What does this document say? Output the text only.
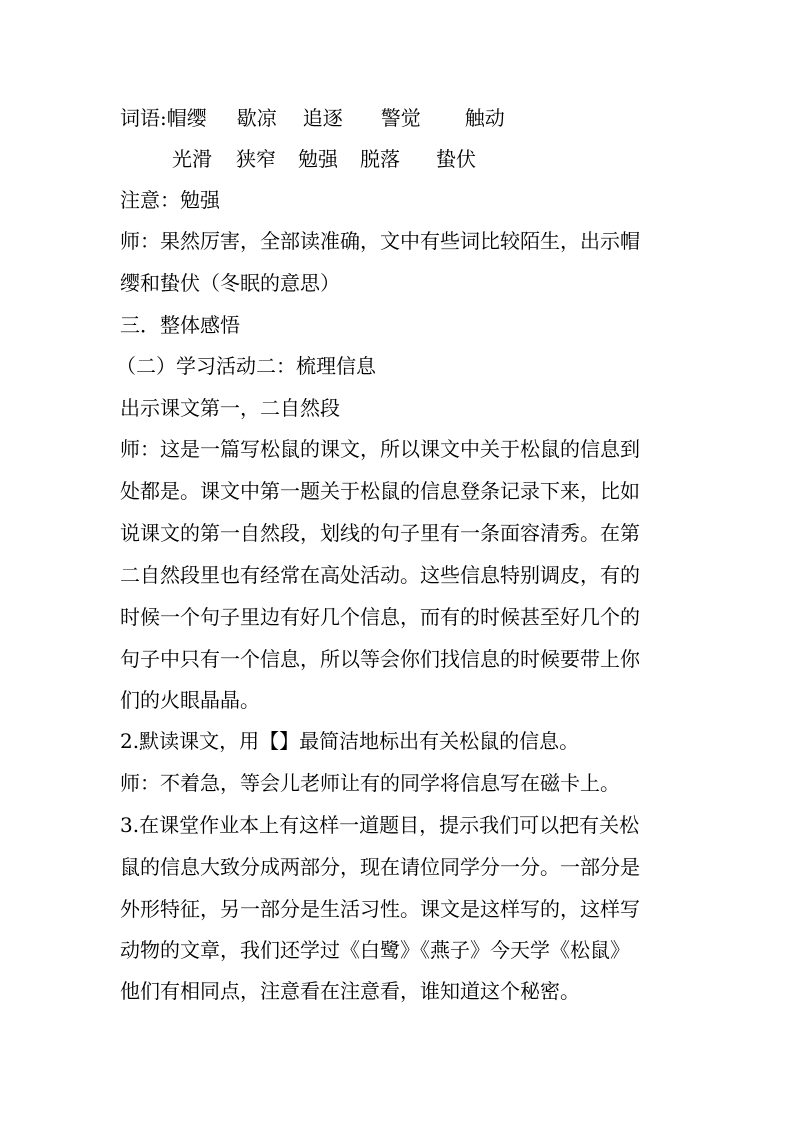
词语:帽缨 歇凉 追逐 警觉 触动
光滑 狭窄 勉强 脱落 蛰伏
注意：勉强
师：果然厉害，全部读准确，文中有些词比较陌生，出示帽
缨和蛰伏（冬眠的意思）
三．整体感悟
（二）学习活动二：梳理信息
出示课文第一，二自然段
师：这是一篇写松鼠的课文，所以课文中关于松鼠的信息到
处都是。课文中第一题关于松鼠的信息登条记录下来，比如
说课文的第一自然段，划线的句子里有一条面容清秀。在第
二自然段里也有经常在高处活动。这些信息特别调皮，有的
时候一个句子里边有好几个信息，而有的时候甚至好几个的
句子中只有一个信息，所以等会你们找信息的时候要带上你
们的火眼晶晶。
2.默读课文，用【】最简洁地标出有关松鼠的信息。
师：不着急，等会儿老师让有的同学将信息写在磁卡上。
3.在课堂作业本上有这样一道题目，提示我们可以把有关松
鼠的信息大致分成两部分，现在请位同学分一分。一部分是
外形特征，另一部分是生活习性。课文是这样写的，这样写
动物的文章，我们还学过《白鹭》《燕子》今天学《松鼠》
他们有相同点，注意看在注意看，谁知道这个秘密。
